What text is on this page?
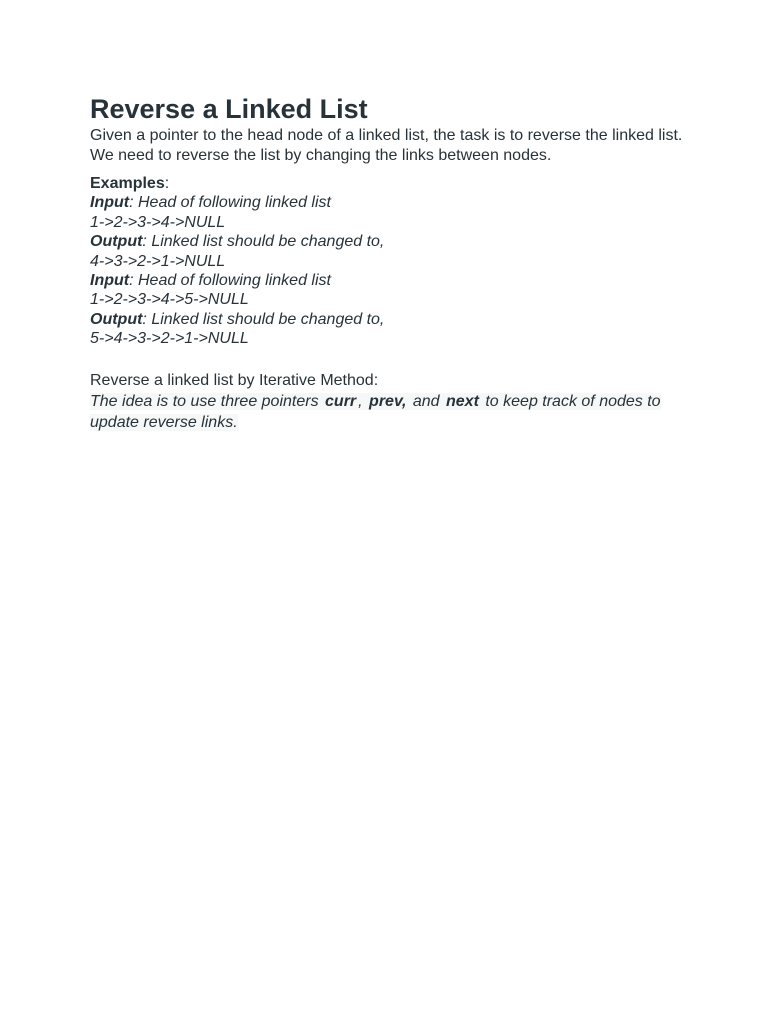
Reverse a Linked List

Given a pointer to the head node of a linked list, the task is to reverse the linked list. We need to reverse the list by changing the links between nodes.

Examples:
Input: Head of following linked list
1->2->3->4->NULL
Output: Linked list should be changed to,
4->3->2->1->NULL
Input: Head of following linked list
1->2->3->4->5->NULL
Output: Linked list should be changed to,
5->4->3->2->1->NULL
Reverse a linked list by Iterative Method:

The idea is to use three pointers curr , prev, and next to keep track of nodes to update reverse links.
